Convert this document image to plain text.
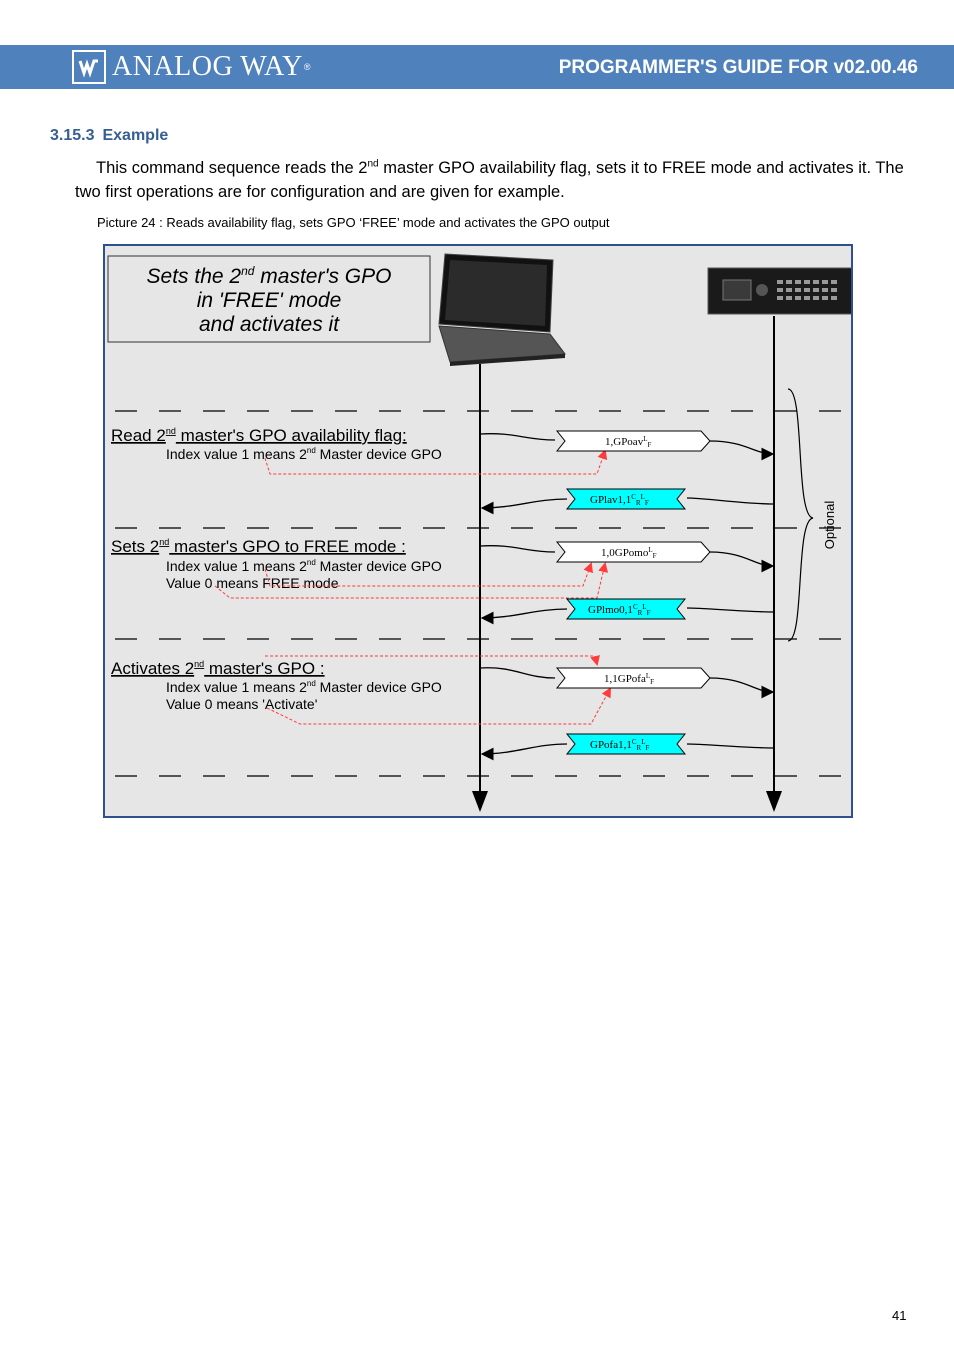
ANALOG WAY ®	PROGRAMMER'S GUIDE FOR v02.00.46
3.15.3 Example
This command sequence reads the 2nd master GPO availability flag, sets it to FREE mode and activates it. The two first operations are for configuration and are given for example.
Picture 24 : Reads availability flag, sets GPO ‘FREE’ mode and activates the GPO output
Sets the 2nd master's GPO
in 'FREE' mode
and activates it
Optional
Read 2nd master's GPO availability flag:
Index value 1 means 2nd Master device GPO
Sets 2nd master's GPO to FREE mode :
Index value 1 means 2nd Master device GPO
Value 0 means FREE mode
Activates 2nd master's GPO :
Index value 1 means 2nd Master device GPO
Value 0 means 'Activate'
1,GPoav$^L_F$
$GPlav1,1^C_R^L_F$
1,0GPomo$^L_F$
$GPlmo0,1^C_R^L_F$
1,1GPofa$^L_F$
$GPofa1,1^C_R^L_F$
41
